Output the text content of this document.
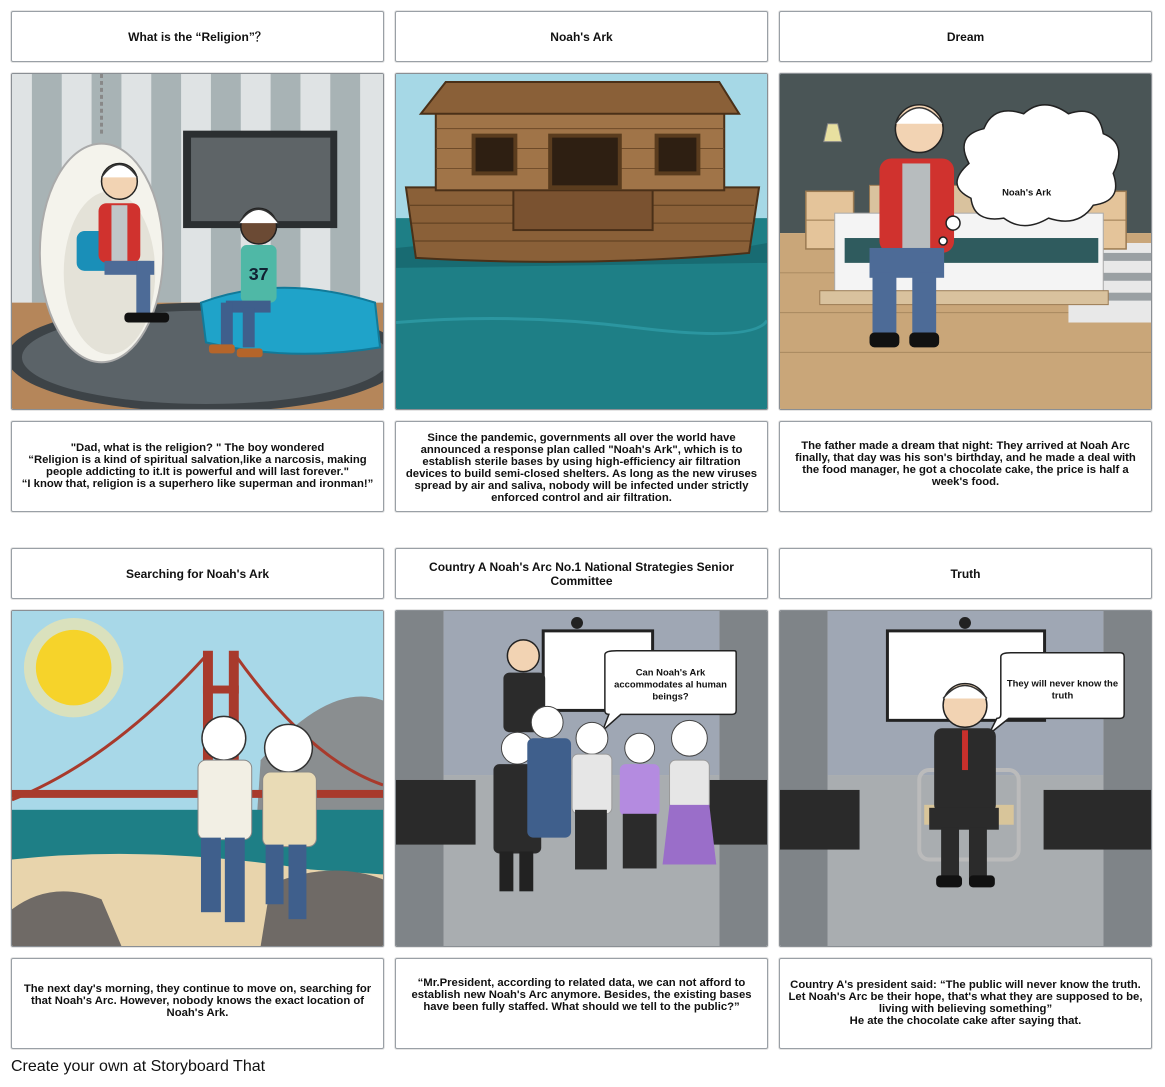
What is the “Religion”？	Noah's Ark	Dream
37
Noah's Ark
"Dad, what is the religion? " The boy wondered
“Religion is a kind of spiritual salvation,like a narcosis, making people addicting to it.It is powerful and will last forever."
“I know that, religion is a superhero like superman and ironman!”
Since the pandemic, governments all over the world have announced a response plan called "Noah's Ark", which is to establish sterile bases by using high-efficiency air filtration devices to build semi-closed shelters. As long as the new viruses spread by air and saliva, nobody will be infected under strictly enforced control and air filtration.
The father made a dream that night: They arrived at Noah Arc finally, that day was his son's birthday, and he made a deal with the food manager, he got a chocolate cake, the price is half a week's food.
Searching for Noah's Ark	Country A Noah's Arc No.1 National Strategies Senior Committee	Truth
Can Noah's Ark
accommodates al human
beings?
They will never know the
truth
The next day's morning, they continue to move on, searching for that Noah's Arc. However, nobody knows the exact location of Noah's Ark.
“Mr.President, according to related data, we can not afford to establish new Noah's Arc anymore. Besides, the existing bases have been fully staffed. What should we tell to the public?”
Country A's president said: “The public will never know the truth. Let Noah's Arc be their hope, that's what they are supposed to be, living with believing something”
He ate the chocolate cake after saying that.
Create your own at Storyboard That
